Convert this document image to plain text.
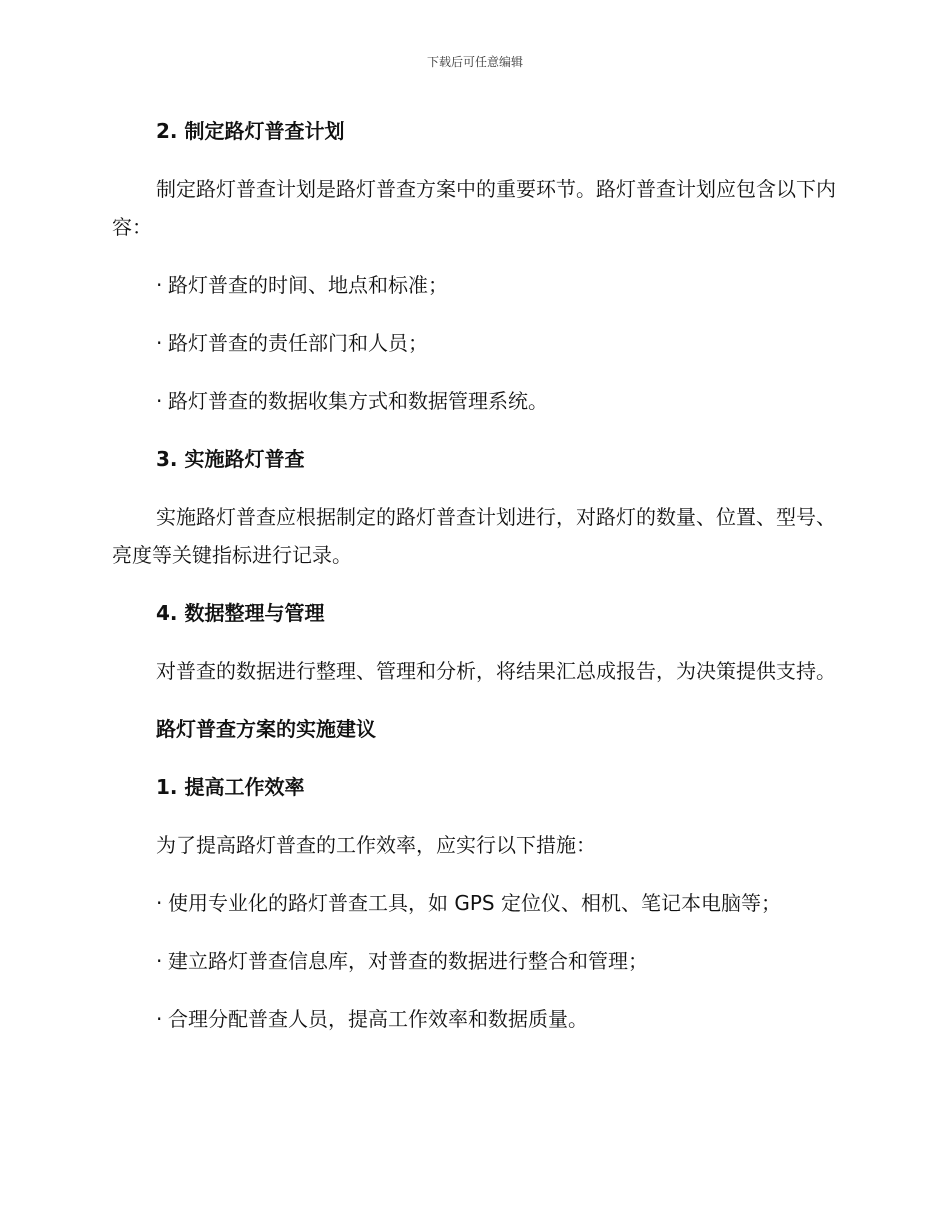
下载后可任意编辑

2. 制定路灯普查计划

制定路灯普查计划是路灯普查方案中的重要环节。路灯普查计划应包含以下内容：

· 路灯普查的时间、地点和标准；

· 路灯普查的责任部门和人员；

· 路灯普查的数据收集方式和数据管理系统。

3. 实施路灯普查

实施路灯普查应根据制定的路灯普查计划进行，对路灯的数量、位置、型号、亮度等关键指标进行记录。

4. 数据整理与管理

对普查的数据进行整理、管理和分析，将结果汇总成报告，为决策提供支持。

路灯普查方案的实施建议

1. 提高工作效率

为了提高路灯普查的工作效率，应实行以下措施：

· 使用专业化的路灯普查工具，如 GPS 定位仪、相机、笔记本电脑等；

· 建立路灯普查信息库，对普查的数据进行整合和管理；

· 合理分配普查人员，提高工作效率和数据质量。
